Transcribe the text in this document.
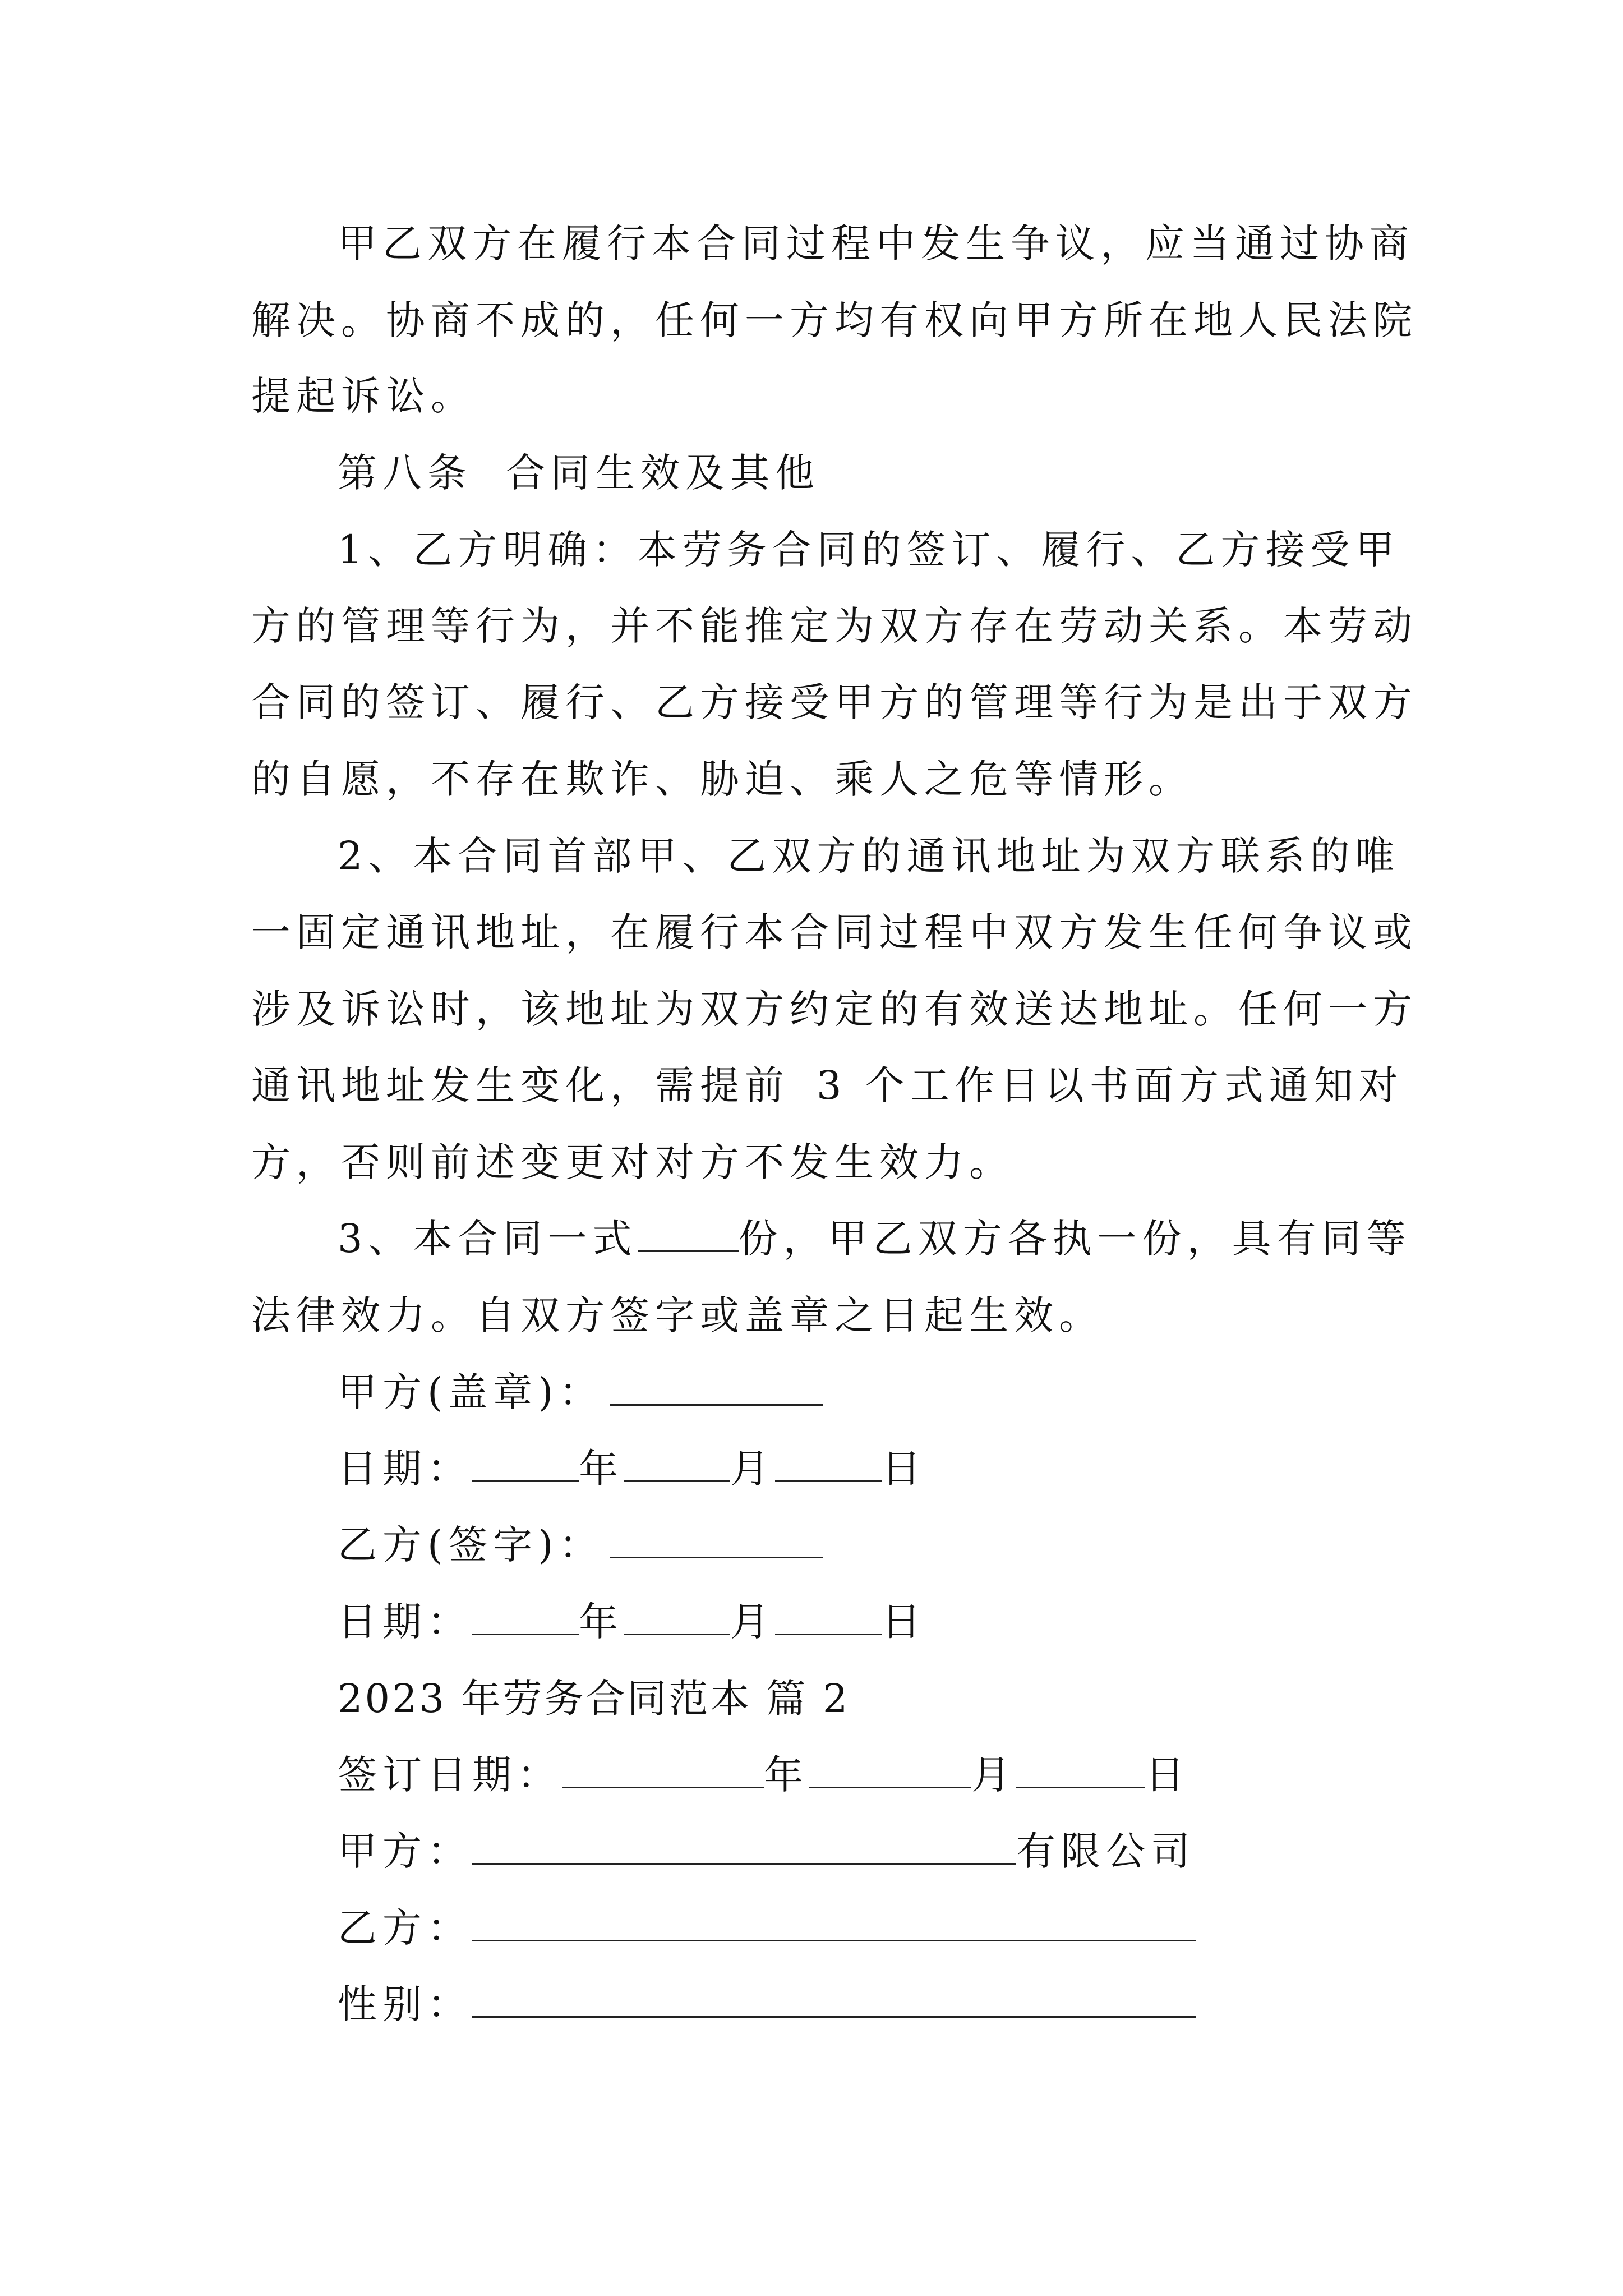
甲乙双方在履行本合同过程中发生争议，应当通过协商
解决。协商不成的，任何一方均有权向甲方所在地人民法院
提起诉讼。
第八条 合同生效及其他
1、乙方明确：本劳务合同的签订、履行、乙方接受甲
方的管理等行为，并不能推定为双方存在劳动关系。本劳动
合同的签订、履行、乙方接受甲方的管理等行为是出于双方
的自愿，不存在欺诈、胁迫、乘人之危等情形。
2、本合同首部甲、乙双方的通讯地址为双方联系的唯
一固定通讯地址，在履行本合同过程中双方发生任何争议或
涉及诉讼时，该地址为双方约定的有效送达地址。任何一方
通讯地址发生变化，需提前 3 个工作日以书面方式通知对
方，否则前述变更对对方不发生效力。
3、本合同一式	份，甲乙双方各执一份，具有同等
法律效力。自双方签字或盖章之日起生效。
甲方(盖章)：
日期：	年	月	日
乙方(签字)：
日期：	年	月	日
2023 年劳务合同范本 篇 2
签订日期：	年	月	日
甲方：	有限公司
乙方：
性别：
